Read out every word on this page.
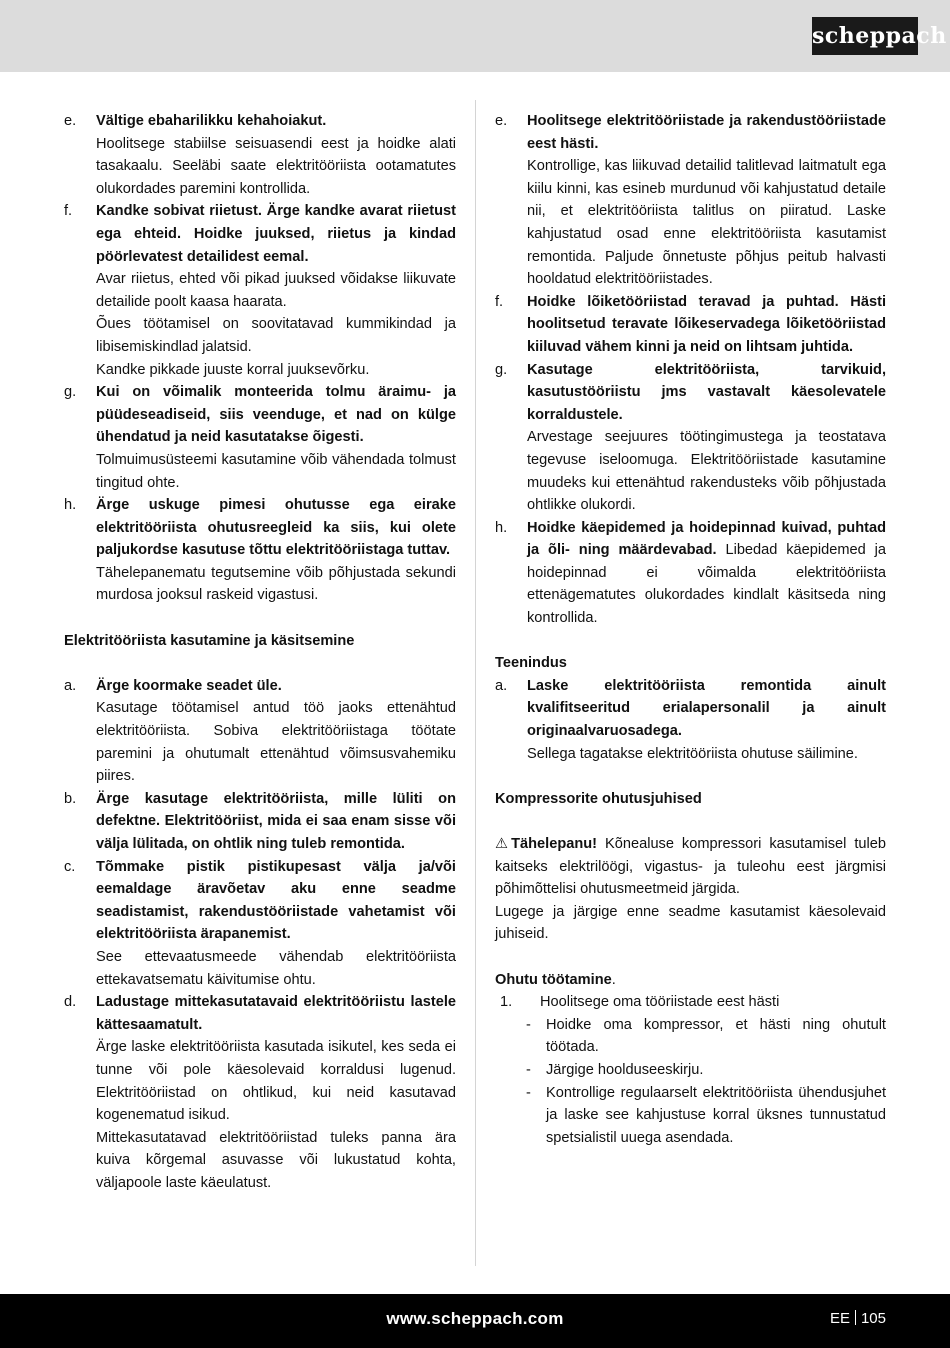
scheppach
e.	Vältige ebaharilikku kehahoiakut.

Hoolitsege stabiilse seisuasendi eest ja hoidke alati tasakaalu. Seeläbi saate elektritööriista ootamatutes olukordades paremini kontrollida.

f.	Kandke sobivat riietust. Ärge kandke avarat riietust ega ehteid. Hoidke juuksed, riietus ja kindad pöörlevatest detailidest eemal.

Avar riietus, ehted või pikad juuksed võidakse liikuvate detailide poolt kaasa haarata.

Õues töötamisel on soovitatavad kummikindad ja libisemiskindlad jalatsid.

Kandke pikkade juuste korral juuksevõrku.

g.	Kui on võimalik monteerida tolmu äraimu- ja püüdeseadiseid, siis veenduge, et nad on külge ühendatud ja neid kasutatakse õigesti.

Tolmuimusüsteemi kasutamine võib vähendada tolmust tingitud ohte.

h.	Ärge uskuge pimesi ohutusse ega eirake elektritööriista ohutusreegleid ka siis, kui olete paljukordse kasutuse tõttu elektritööriistaga tuttav.

Tähelepanematu tegutsemine võib põhjustada sekundi murdosa jooksul raskeid vigastusi.

Elektritööriista kasutamine ja käsitsemine

a.	Ärge koormake seadet üle.

Kasutage töötamisel antud töö jaoks ettenähtud elektritööriista. Sobiva elektritööriistaga töötate paremini ja ohutumalt ettenähtud võimsusvahemiku piires.

b.	Ärge kasutage elektritööriista, mille lüliti on defektne. Elektritööriist, mida ei saa enam sisse või välja lülitada, on ohtlik ning tuleb remontida.

c.	Tõmmake pistik pistikupesast välja ja/või eemaldage äravõetav aku enne seadme seadistamist, rakendustööriistade vahetamist või elektritööriista ärapanemist.

See ettevaatusmeede vähendab elektritööriista ettekavatsematu käivitumise ohtu.

d.	Ladustage mittekasutatavaid elektritööriistu lastele kättesaamatult.

Ärge laske elektritööriista kasutada isikutel, kes seda ei tunne või pole käesolevaid korraldusi lugenud. Elektritööriistad on ohtlikud, kui neid kasutavad kogenematud isikud.

Mittekasutatavad elektritööriistad tuleks panna ära kuiva kõrgemal asuvasse või lukustatud kohta, väljapoole laste käeulatust.

e.	Hoolitsege elektritööriistade ja rakendustööriistade eest hästi.

Kontrollige, kas liikuvad detailid talitlevad laitmatult ega kiilu kinni, kas esineb murdunud või kahjustatud detaile nii, et elektritööriista talitlus on piiratud. Laske kahjustatud osad enne elektritööriista kasutamist remontida. Paljude õnnetuste põhjus peitub halvasti hooldatud elektritööriistades.

f.	Hoidke lõiketööriistad teravad ja puhtad. Hästi hoolitsetud teravate lõikeservadega lõiketööriistad kiiluvad vähem kinni ja neid on lihtsam juhtida.

g.	Kasutage elektritööriista, tarvikuid, kasutustööriistu jms vastavalt käesolevatele korraldustele.

Arvestage seejuures töötingimustega ja teostatava tegevuse iseloomuga. Elektritööriistade kasutamine muudeks kui ettenähtud rakendusteks võib põhjustada ohtlikke olukordi.

h.	Hoidke käepidemed ja hoidepinnad kuivad, puhtad ja õli- ning määrdevabad. Libedad käepidemed ja hoidepinnad ei võimalda elektritööriista ettenägematutes olukordades kindlalt käsitseda ning kontrollida.

Teenindus

a.	Laske elektritööriista remontida ainult kvalifitseeritud erialapersonalil ja ainult originaalvaruosadega.

Sellega tagatakse elektritööriista ohutuse säilimine.

Kompressorite ohutusjuhised

⚠ Tähelepanu! Kõnealuse kompressori kasutamisel tuleb kaitseks elektrilöögi, vigastus- ja tuleohu eest järgmisi põhimõttelisi ohutusmeetmeid järgida.

Lugege ja järgige enne seadme kasutamist käesolevaid juhiseid.

Ohutu töötamine.

1.	Hoolitsege oma tööriistade eest hästi
-	Hoidke oma kompressor, et hästi ning ohutult töötada.
-	Järgige hoolduseeskirju.
-	Kontrollige regulaarselt elektritööriista ühendusjuhet ja laske see kahjustuse korral üksnes tunnustatud spetsialistil uuega asendada.
www.scheppach.com	EE 105
